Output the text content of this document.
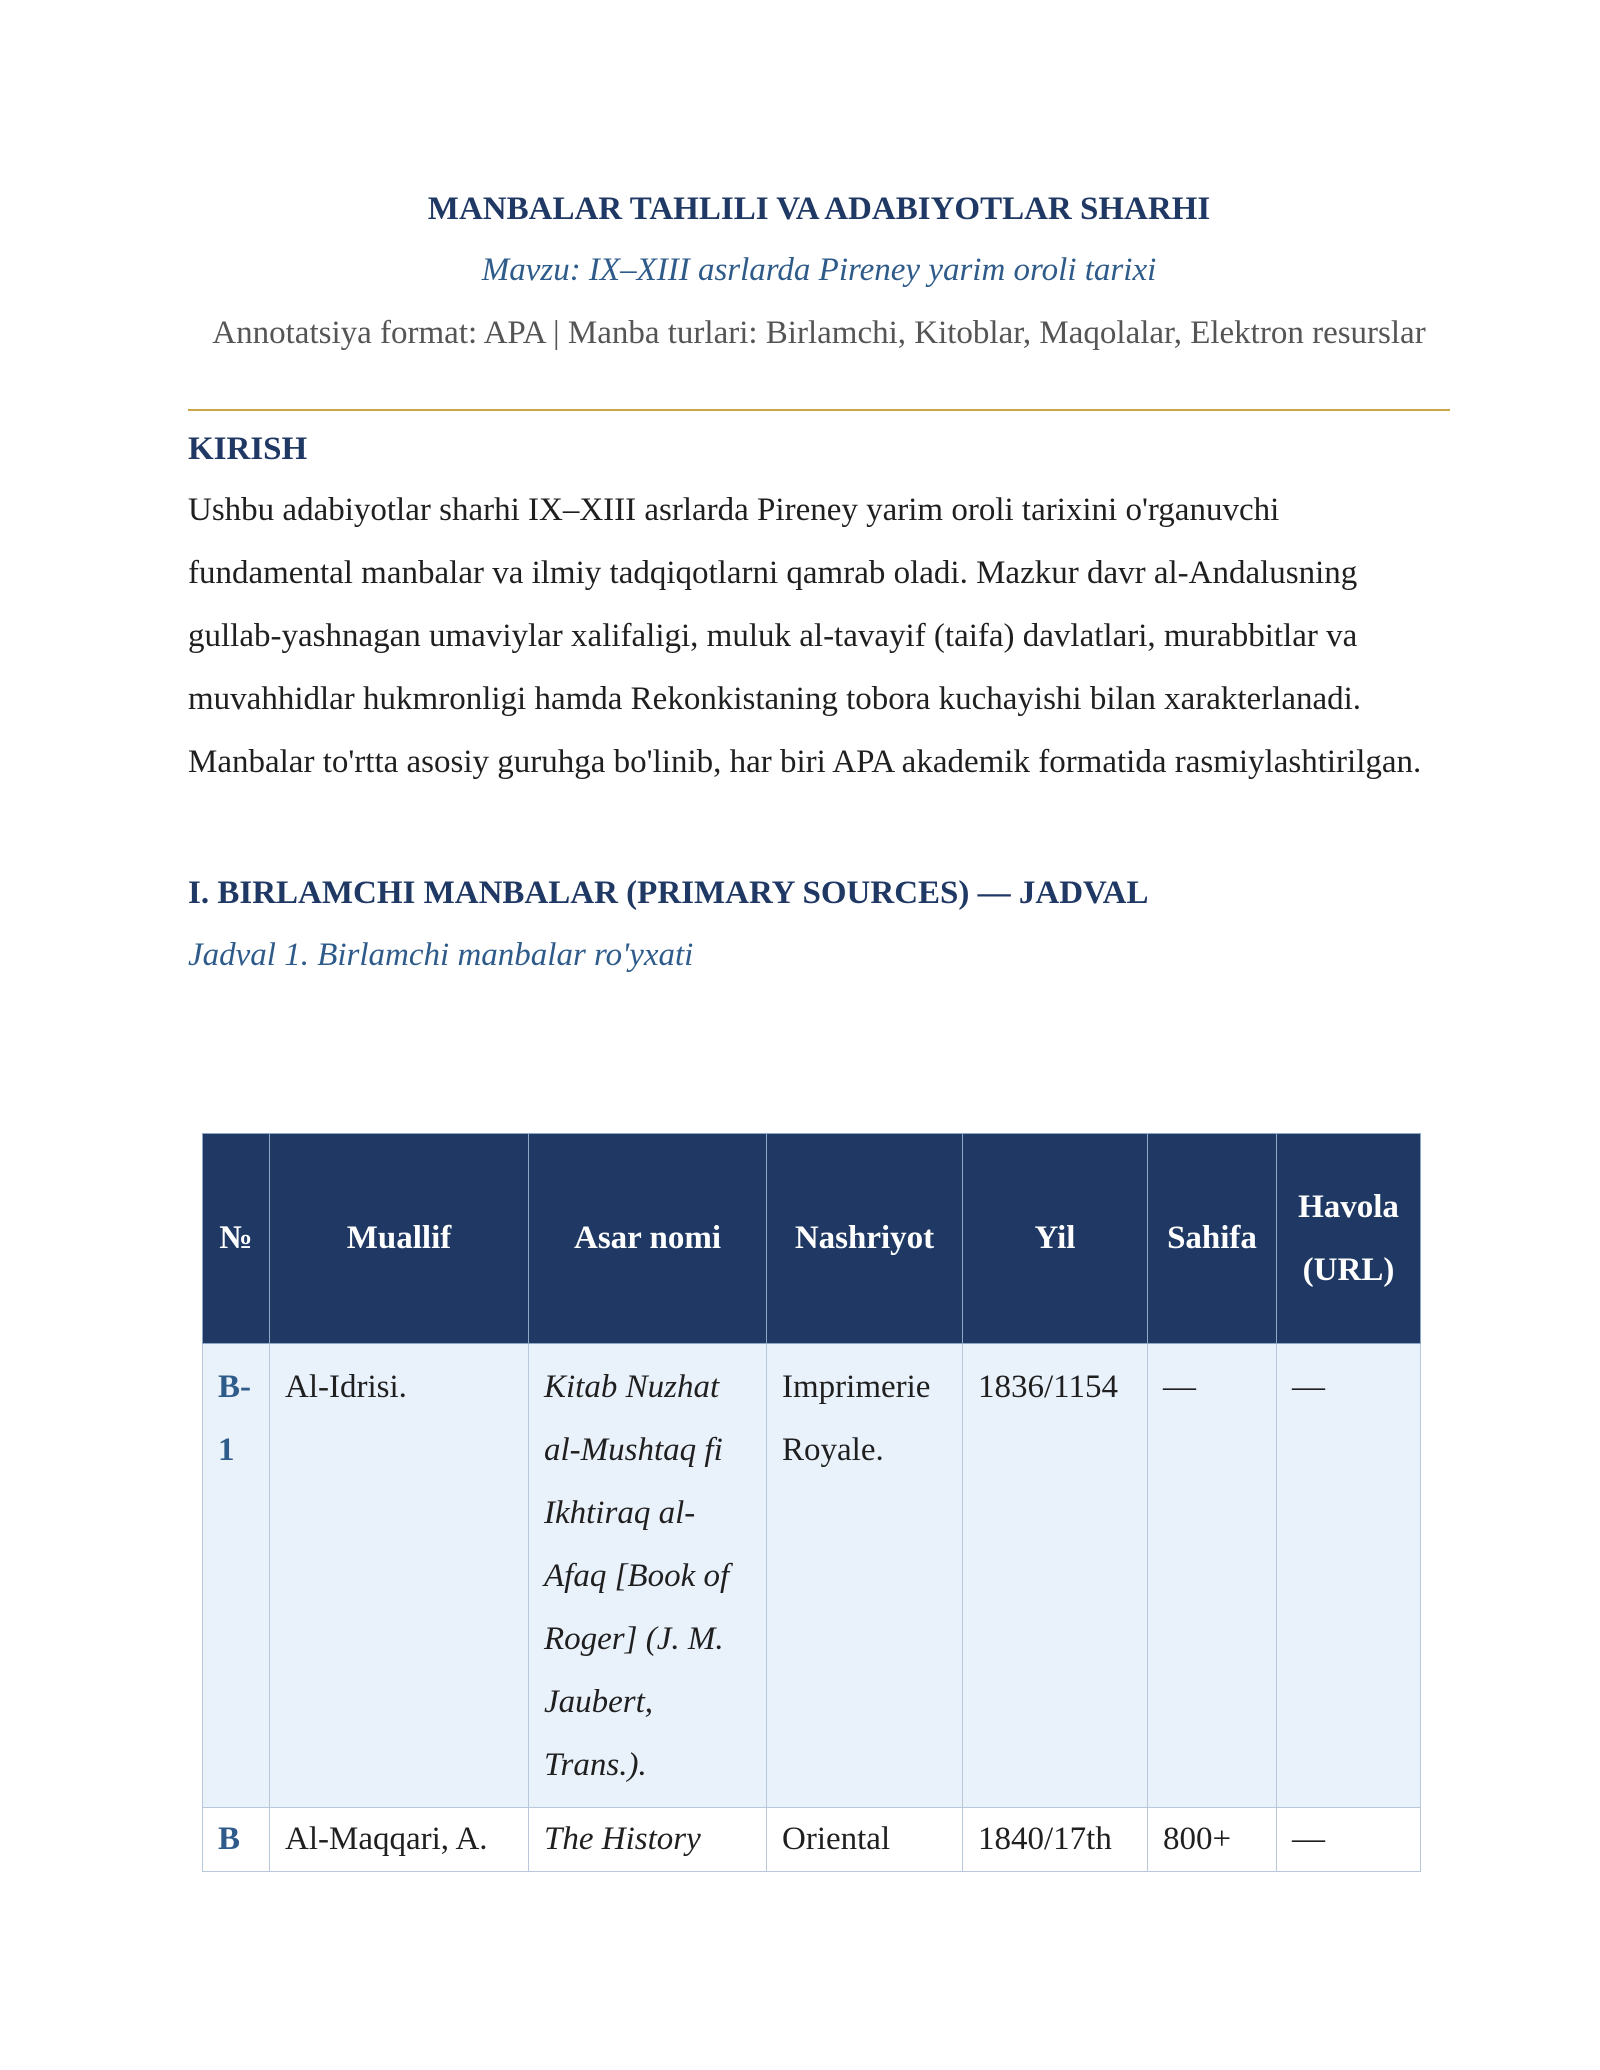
MANBALAR TAHLILI VA ADABIYOTLAR SHARHI

Mavzu: IX–XIII asrlarda Pireney yarim oroli tarixi

Annotatsiya format: APA | Manba turlari: Birlamchi, Kitoblar, Maqolalar, Elektron resurslar

KIRISH

Ushbu adabiyotlar sharhi IX–XIII asrlarda Pireney yarim oroli tarixini o'rganuvchi fundamental manbalar va ilmiy tadqiqotlarni qamrab oladi. Mazkur davr al-Andalusning gullab-yashnagan umaviylar xalifaligi, muluk al-tavayif (taifa) davlatlari, murabbitlar va muvahhidlar hukmronligi hamda Rekonkistaning tobora kuchayishi bilan xarakterlanadi. Manbalar to'rtta asosiy guruhga bo'linib, har biri APA akademik formatida rasmiylashtirilgan.

I. BIRLAMCHI MANBALAR (PRIMARY SOURCES) — JADVAL

Jadval 1. Birlamchi manbalar ro'yxati

№	Muallif	Asar nomi	Nashriyot	Yil	Sahifa	Havola (URL)
B-1	Al-Idrisi.	Kitab Nuzhat al-Mushtaq fi Ikhtiraq al-Afaq [Book of Roger] (J. M. Jaubert, Trans.).	Imprimerie Royale.	1836/1154	—	—
B	Al-Maqqari, A.	The History	Oriental	1840/17th	800+	—
